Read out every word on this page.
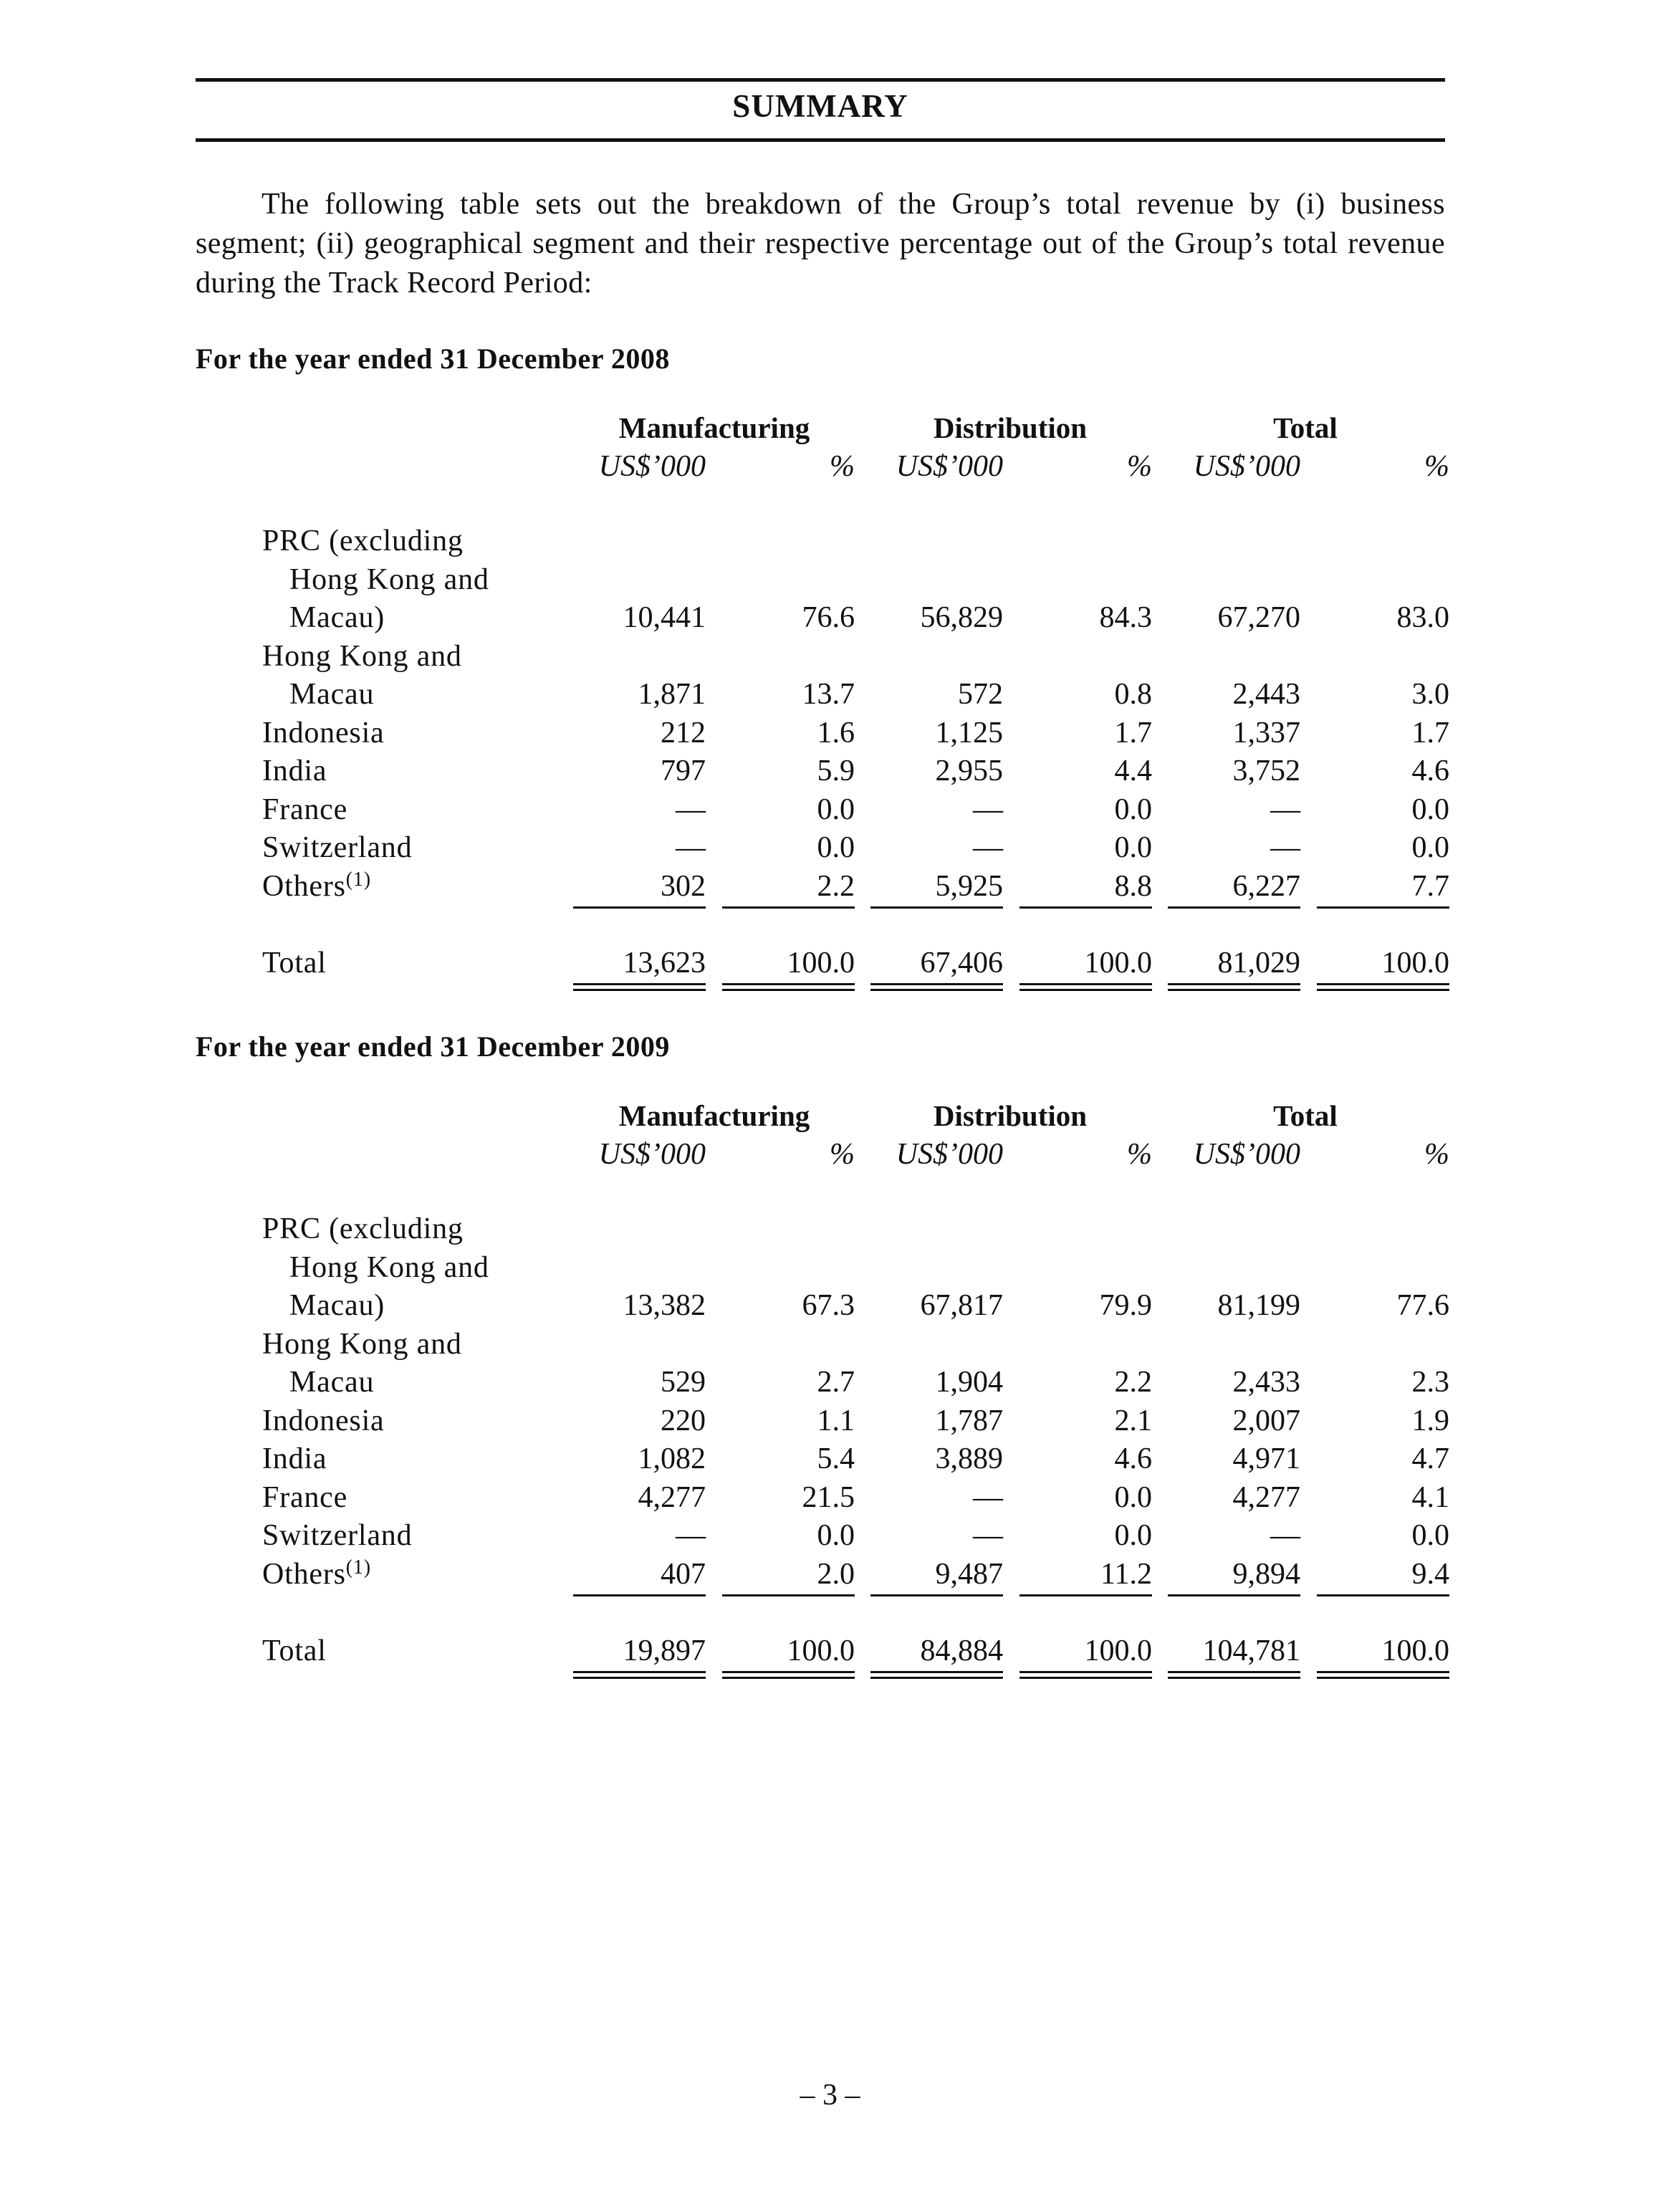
SUMMARY
The following table sets out the breakdown of the Group’s total revenue by (i) business segment; (ii) geographical segment and their respective percentage out of the Group’s total revenue during the Track Record Period:
For the year ended 31 December 2008
Manufacturing	Distribution	Total
US$’000	%	US$’000	%	US$’000	%
PRC (excluding
Hong Kong and
Macau)	10,441	76.6	56,829	84.3	67,270	83.0
Hong Kong and
Macau	1,871	13.7	572	0.8	2,443	3.0
Indonesia	212	1.6	1,125	1.7	1,337	1.7
India	797	5.9	2,955	4.4	3,752	4.6
France	—	0.0	—	0.0	—	0.0
Switzerland	—	0.0	—	0.0	—	0.0
Others$^{(1)}$	302	2.2	5,925	8.8	6,227	7.7
Total	13,623	100.0	67,406	100.0	81,029	100.0
For the year ended 31 December 2009
Manufacturing	Distribution	Total
US$’000	%	US$’000	%	US$’000	%
PRC (excluding
Hong Kong and
Macau)	13,382	67.3	67,817	79.9	81,199	77.6
Hong Kong and
Macau	529	2.7	1,904	2.2	2,433	2.3
Indonesia	220	1.1	1,787	2.1	2,007	1.9
India	1,082	5.4	3,889	4.6	4,971	4.7
France	4,277	21.5	—	0.0	4,277	4.1
Switzerland	—	0.0	—	0.0	—	0.0
Others$^{(1)}$	407	2.0	9,487	11.2	9,894	9.4
Total	19,897	100.0	84,884	100.0	104,781	100.0
– 3 –
